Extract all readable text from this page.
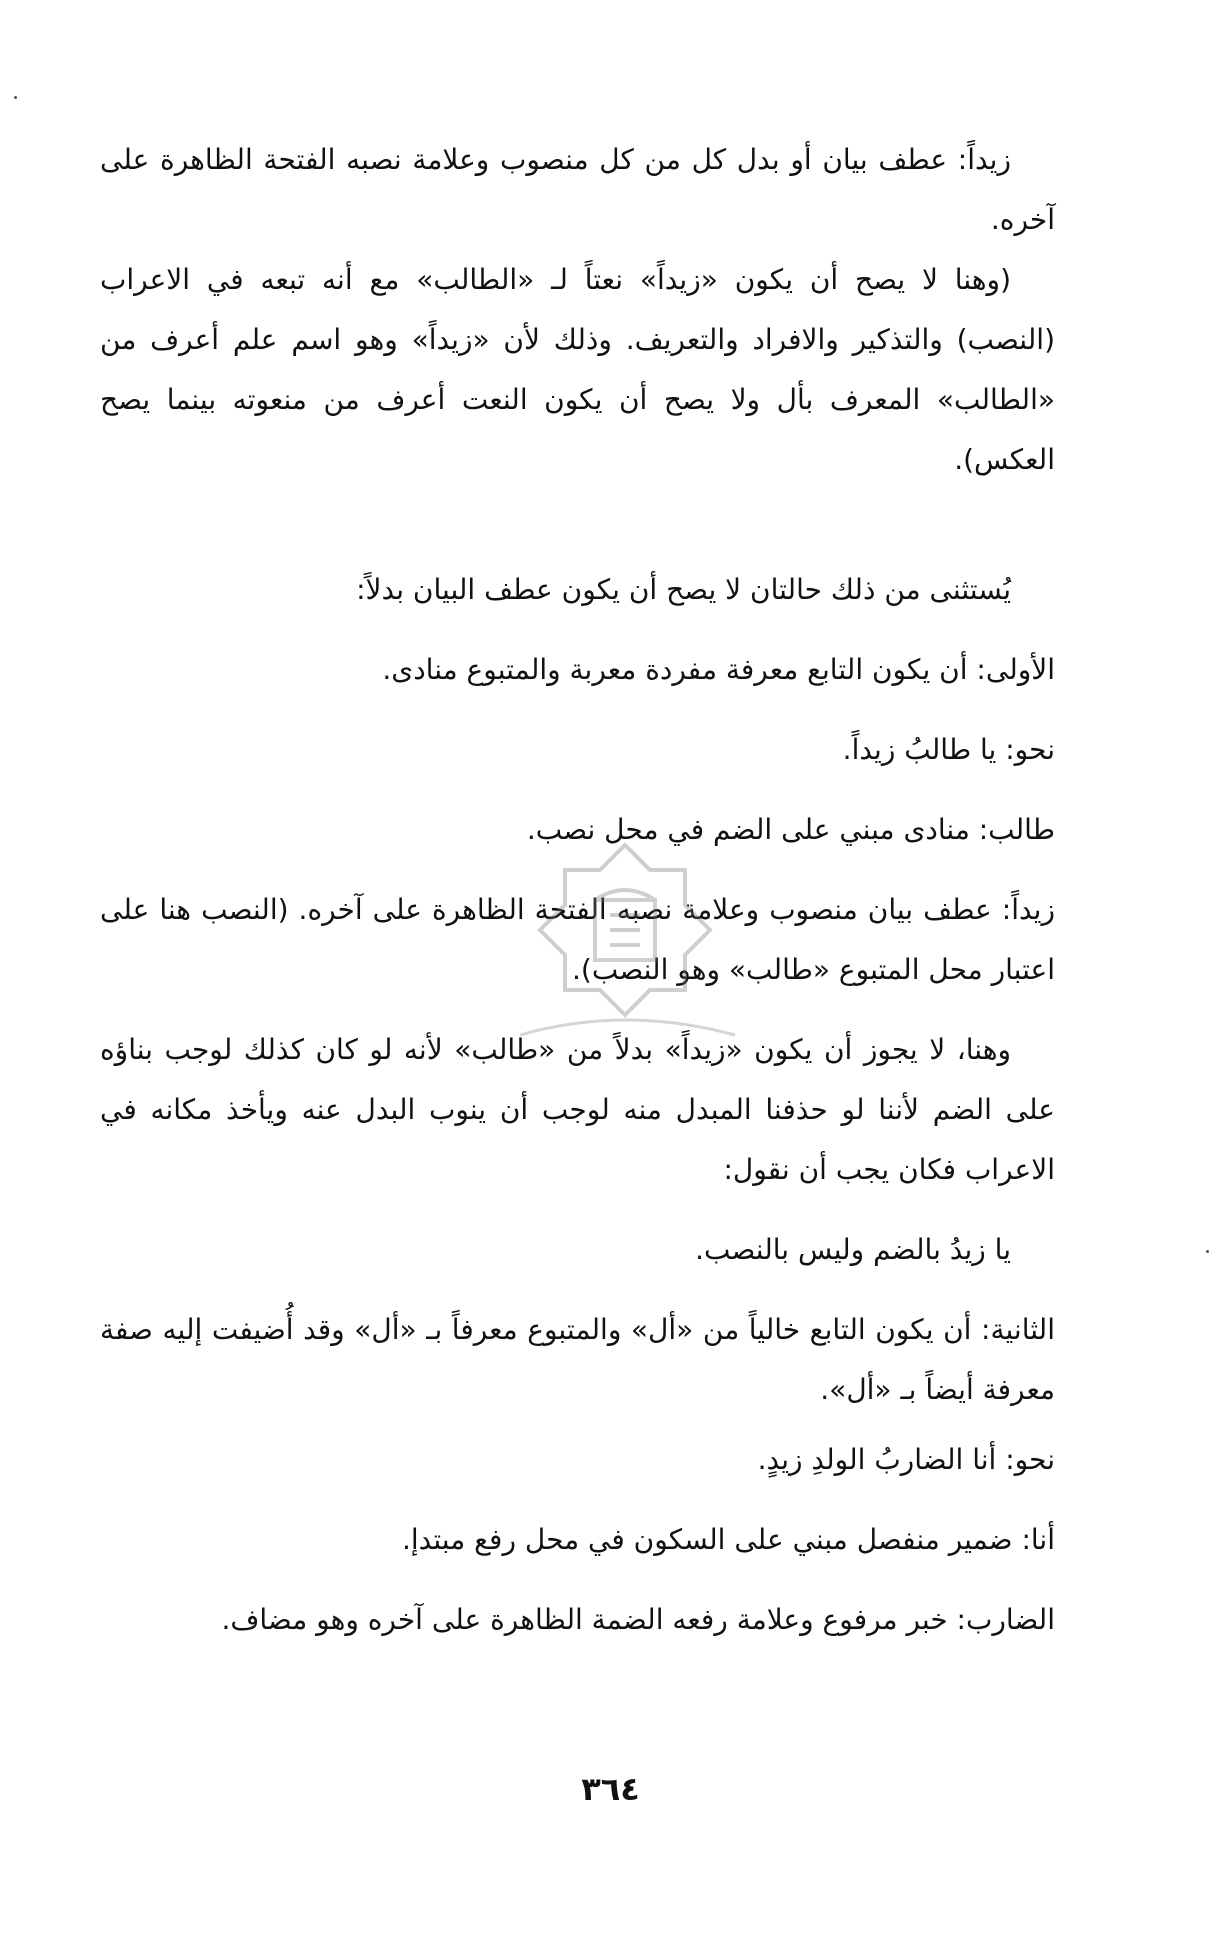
زيداً: عطف بيان أو بدل كل من كل منصوب وعلامة نصبه الفتحة الظاهرة على آخره.

(وهنا لا يصح أن يكون «زيداً» نعتاً لـ «الطالب» مع أنه تبعه في الاعراب (النصب) والتذكير والافراد والتعريف. وذلك لأن «زيداً» وهو اسم علم أعرف من «الطالب» المعرف بأل ولا يصح أن يكون النعت أعرف من منعوته بينما يصح العكس).

يُستثنى من ذلك حالتان لا يصح أن يكون عطف البيان بدلاً:

الأولى: أن يكون التابع معرفة مفردة معربة والمتبوع منادى.

نحو: يا طالبُ زيداً.

طالب: منادى مبني على الضم في محل نصب.

زيداً: عطف بيان منصوب وعلامة نصبه الفتحة الظاهرة على آخره. (النصب هنا على اعتبار محل المتبوع «طالب» وهو النصب).

وهنا، لا يجوز أن يكون «زيداً» بدلاً من «طالب» لأنه لو كان كذلك لوجب بناؤه على الضم لأننا لو حذفنا المبدل منه لوجب أن ينوب البدل عنه ويأخذ مكانه في الاعراب فكان يجب أن نقول:

يا زيدُ بالضم وليس بالنصب.

الثانية: أن يكون التابع خالياً من «أل» والمتبوع معرفاً بـ «أل» وقد أُضيفت إليه صفة معرفة أيضاً بـ «أل».

نحو: أنا الضاربُ الولدِ زيدٍ.

أنا: ضمير منفصل مبني على السكون في محل رفع مبتدإ.

الضارب: خبر مرفوع وعلامة رفعه الضمة الظاهرة على آخره وهو مضاف.

٣٦٤
